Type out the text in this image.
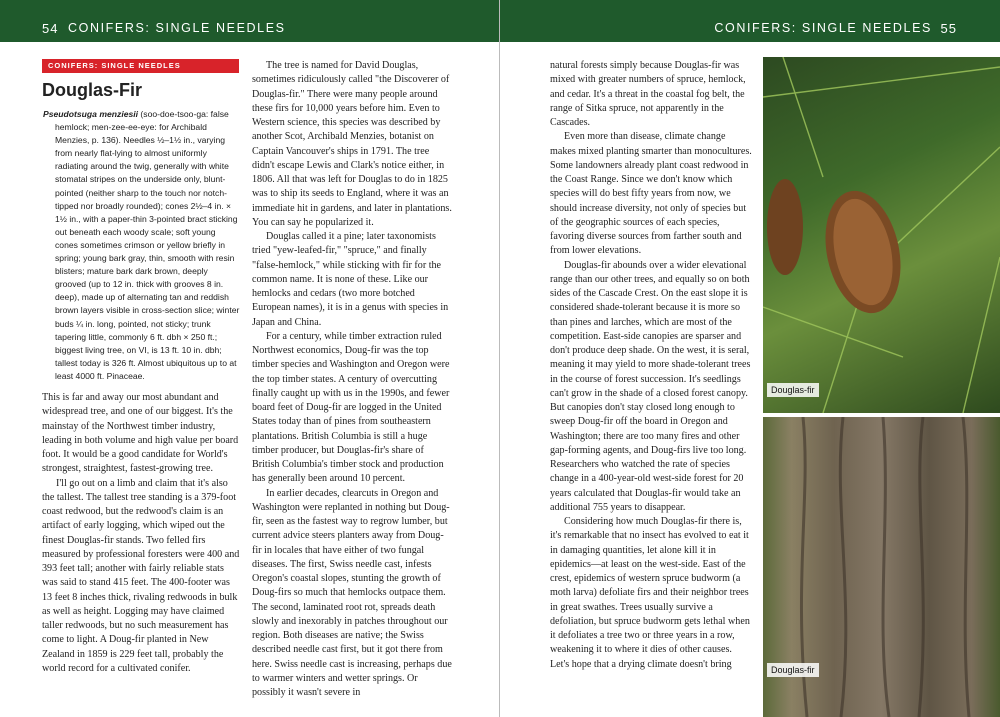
54 CONIFERS: SINGLE NEEDLES
CONIFERS: SINGLE NEEDLES
Douglas-Fir
Pseudotsuga menziesii (soo-doe-tsoo-ga: false hemlock; men-zee-ee-eye: for Archibald Menzies, p. 136). Needles ½–1½ in., varying from nearly flat-lying to almost uniformly radiating around the twig, generally with white stomatal stripes on the underside only, blunt-pointed (neither sharp to the touch nor notch-tipped nor broadly rounded); cones 2½–4 in. × 1½ in., with a paper-thin 3-pointed bract sticking out beneath each woody scale; soft young cones sometimes crimson or yellow briefly in spring; young bark gray, thin, smooth with resin blisters; mature bark dark brown, deeply grooved (up to 12 in. thick with grooves 8 in. deep), made up of alternating tan and reddish brown layers visible in cross-section slice; winter buds ¼ in. long, pointed, not sticky; trunk tapering little, commonly 6 ft. dbh × 250 ft.; biggest living tree, on VI, is 13 ft. 10 in. dbh; tallest today is 326 ft. Almost ubiquitous up to at least 4000 ft. Pinaceae.

This is far and away our most abundant and widespread tree, and one of our biggest. It's the mainstay of the Northwest timber industry, leading in both volume and high value per board foot. It would be a good candidate for World's strongest, straightest, fastest-growing tree.

I'll go out on a limb and claim that it's also the tallest. The tallest tree standing is a 379-foot coast redwood, but the redwood's claim is an artifact of early logging, which wiped out the finest Douglas-fir stands. Two felled firs measured by professional foresters were 400 and 393 feet tall; another with fairly reliable stats was said to stand 415 feet. The 400-footer was 13 feet 8 inches thick, rivaling redwoods in bulk as well as height. Logging may have claimed taller redwoods, but no such measurement has come to light. A Doug-fir planted in New Zealand in 1859 is 229 feet tall, probably the world record for a cultivated conifer.

The tree is named for David Douglas, sometimes ridiculously called "the Discoverer of Douglas-fir." There were many people around these firs for 10,000 years before him. Even to Western science, this species was described by another Scot, Archibald Menzies, botanist on Captain Vancouver's ships in 1791. The tree didn't escape Lewis and Clark's notice either, in 1806. All that was left for Douglas to do in 1825 was to ship its seeds to England, where it was an immediate hit in gardens, and later in plantations. You can say he popularized it.

Douglas called it a pine; later taxonomists tried "yew-leafed-fir," "spruce," and finally "false-hemlock," while sticking with fir for the common name. It is none of these. Like our hemlocks and cedars (two more botched European names), it is in a genus with species in Japan and China.

For a century, while timber extraction ruled Northwest economics, Doug-fir was the top timber species and Washington and Oregon were the top timber states. A century of overcutting finally caught up with us in the 1990s, and fewer board feet of Doug-fir are logged in the United States today than of pines from southeastern plantations. British Columbia is still a huge timber producer, but Douglas-fir's share of British Columbia's timber stock and production has generally been around 10 percent.

In earlier decades, clearcuts in Oregon and Washington were replanted in nothing but Doug-fir, seen as the fastest way to regrow lumber, but current advice steers planters away from Doug-fir in locales that have either of two fungal diseases. The first, Swiss needle cast, infests Oregon's coastal slopes, stunting the growth of Doug-firs so much that hemlocks outpace them. The second, laminated root rot, spreads death slowly and inexorably in patches throughout our region. Both diseases are native; the Swiss described needle cast first, but it got there from here. Swiss needle cast is increasing, perhaps due to warmer winters and wetter springs. Or possibly it wasn't severe in

CONIFERS: SINGLE NEEDLES 55

natural forests simply because Douglas-fir was mixed with greater numbers of spruce, hemlock, and cedar. It's a threat in the coastal fog belt, the range of Sitka spruce, not apparently in the Cascades.

Even more than disease, climate change makes mixed planting smarter than monocultures. Some landowners already plant coast redwood in the Coast Range. Since we don't know which species will do best fifty years from now, we should increase diversity, not only of species but of the geographic sources of each species, favoring diverse sources from farther south and from lower elevations.

Douglas-fir abounds over a wider elevational range than our other trees, and equally so on both sides of the Cascade Crest. On the east slope it is considered shade-tolerant because it is more so than pines and larches, which are most of the competition. East-side canopies are sparser and don't produce deep shade. On the west, it is seral, meaning it may yield to more shade-tolerant trees in the course of forest succession. It's seedlings can't grow in the shade of a closed forest canopy. But canopies don't stay closed long enough to sweep Doug-fir off the board in Oregon and Washington; there are too many fires and other gap-forming agents, and Doug-firs live too long. Researchers who watched the rate of species change in a 400-year-old west-side forest for 20 years calculated that Douglas-fir would take an additional 755 years to disappear.

Considering how much Douglas-fir there is, it's remarkable that no insect has evolved to eat it in damaging quantities, let alone kill it in epidemics—at least on the west-side. East of the crest, epidemics of western spruce budworm (a moth larva) defoliate firs and their neighbor trees in great swathes. Trees usually survive a defoliation, but spruce budworm gets lethal when it defoliates a tree two or three years in a row, weakening it to where it dies of other causes. Let's hope that a drying climate doesn't bring

Douglas-fir
Douglas-fir
